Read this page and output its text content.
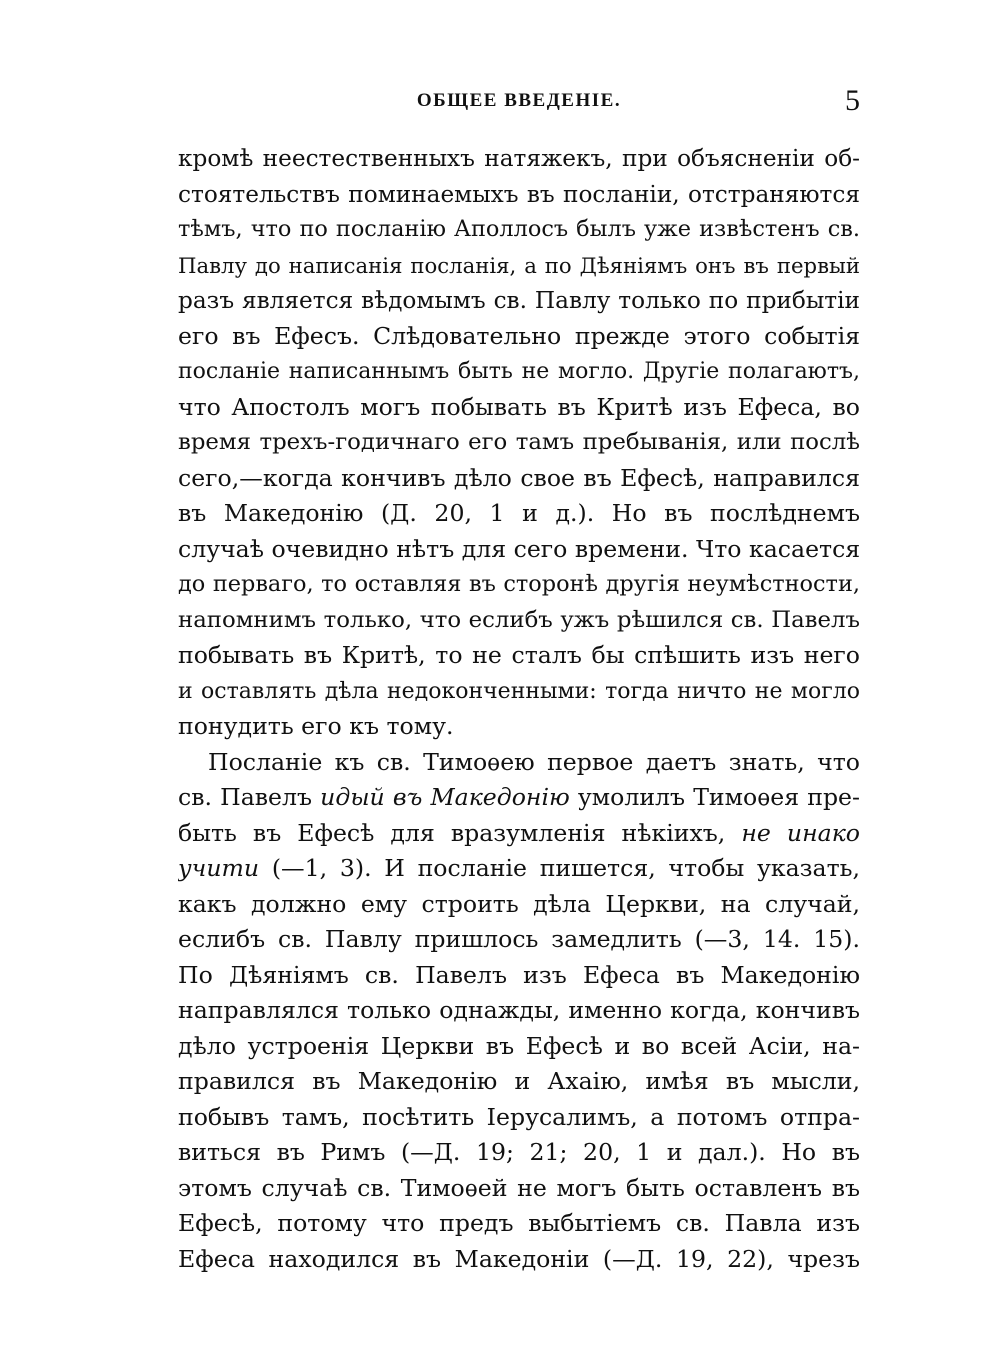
ОБЩЕЕ ВВЕДЕНІЕ.	5
кромѣ неестественныхъ натяжекъ, при объясненіи об-
стоятельствъ поминаемыхъ въ посланіи, отстраняются
тѣмъ, что по посланію Аполлосъ былъ уже извѣстенъ св.
Павлу до написанія посланія, а по Дѣяніямъ онъ въ первый
разъ является вѣдомымъ св. Павлу только по прибытіи
его въ Ефесъ. Слѣдовательно прежде этого событія
посланіе написаннымъ быть не могло. Другіе полагаютъ,
что Апостолъ могъ побывать въ Критѣ изъ Ефеса, во
время трехъ-годичнаго его тамъ пребыванія, или послѣ
сего,—когда кончивъ дѣло свое въ Ефесѣ, направился
въ Македонію (Д. 20, 1 и д.). Но въ послѣднемъ
случаѣ очевидно нѣтъ для сего времени. Что касается
до перваго, то оставляя въ сторонѣ другія неумѣстности,
напомнимъ только, что еслибъ ужъ рѣшился св. Павелъ
побывать въ Критѣ, то не сталъ бы спѣшить изъ него
и оставлять дѣла недоконченными: тогда ничто не могло
понудить его къ тому.
Посланіе къ св. Тимоѳею первое даетъ знать, что
св. Павелъ идый въ Македонію умолилъ Тимоѳея пре-
быть въ Ефесѣ для вразумленія нѣкіихъ, не инако
учити (—1, 3). И посланіе пишется, чтобы указать,
какъ должно ему строить дѣла Церкви, на случай,
еслибъ св. Павлу пришлось замедлить (—3, 14. 15).
По Дѣяніямъ св. Павелъ изъ Ефеса въ Македонію
направлялся только однажды, именно когда, кончивъ
дѣло устроенія Церкви въ Ефесѣ и во всей Асіи, на-
правился въ Македонію и Ахаію, имѣя въ мысли,
побывъ тамъ, посѣтить Іерусалимъ, а потомъ отпра-
виться въ Римъ (—Д. 19; 21; 20, 1 и дал.). Но въ
этомъ случаѣ св. Тимоѳей не могъ быть оставленъ въ
Ефесѣ, потому что предъ выбытіемъ св. Павла изъ
Ефеса находился въ Македоніи (—Д. 19, 22), чрезъ
